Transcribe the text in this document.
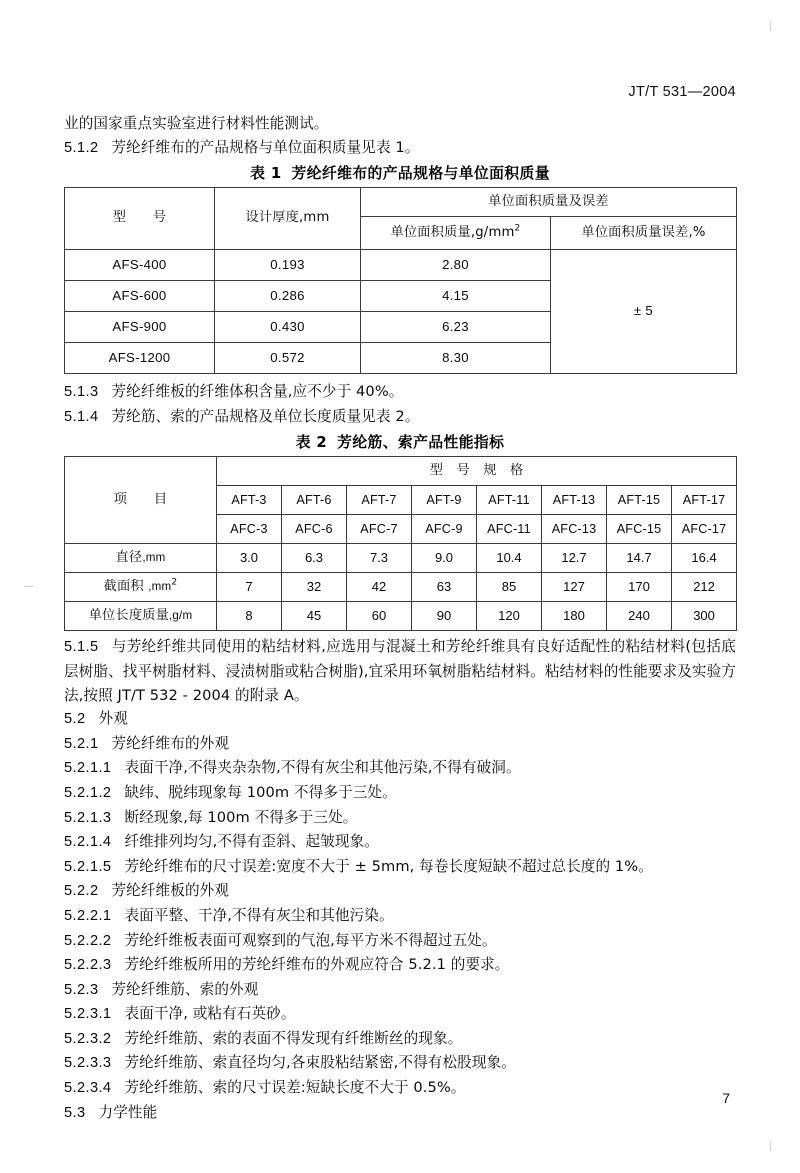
JT/T 531—2004

业的国家重点实验室进行材料性能测试。

5.1.2 芳纶纤维布的产品规格与单位面积质量见表 1。

表 1 芳纶纤维布的产品规格与单位面积质量
型　　号	设计厚度,mm	单位面积质量及误差	
		单位面积质量$,g/mm^2$	单位面积质量误差,%
AFS-400	0.193	2.80	± 5
AFS-600	0.286	4.15	
AFS-900	0.430	6.23	
AFS-1200	0.572	8.30	

5.1.3 芳纶纤维板的纤维体积含量,应不少于 40%。

5.1.4 芳纶筋、索的产品规格及单位长度质量见表 2。

表 2 芳纶筋、索产品性能指标
项　　目	型　号　规　格							
	AFT-3	AFT-6	AFT-7	AFT-9	AFT-11	AFT-13	AFT-15	AFT-17
	AFC-3	AFC-6	AFC-7	AFC-9	AFC-11	AFC-13	AFC-15	AFC-17
直径,mm	3.0	6.3	7.3	9.0	10.4	12.7	14.7	16.4
截面积 $,mm^2$	7	32	42	63	85	127	170	212
单位长度质量,g/m	8	45	60	90	120	180	240	300

5.1.5 与芳纶纤维共同使用的粘结材料,应选用与混凝土和芳纶纤维具有良好适配性的粘结材料(包括底层树脂、找平树脂材料、浸渍树脂或粘合树脂),宜采用环氧树脂粘结材料。粘结材料的性能要求及实验方法,按照 JT/T 532 - 2004 的附录 A。

5.2 外观

5.2.1 芳纶纤维布的外观

5.2.1.1 表面干净,不得夹杂杂物,不得有灰尘和其他污染,不得有破洞。

5.2.1.2 缺纬、脱纬现象每 100m 不得多于三处。

5.2.1.3 断经现象,每 100m 不得多于三处。

5.2.1.4 纤维排列均匀,不得有歪斜、起皱现象。

5.2.1.5 芳纶纤维布的尺寸误差:宽度不大于 ± 5mm, 每卷长度短缺不超过总长度的 1%。

5.2.2 芳纶纤维板的外观

5.2.2.1 表面平整、干净,不得有灰尘和其他污染。

5.2.2.2 芳纶纤维板表面可观察到的气泡,每平方米不得超过五处。

5.2.2.3 芳纶纤维板所用的芳纶纤维布的外观应符合 5.2.1 的要求。

5.2.3 芳纶纤维筋、索的外观

5.2.3.1 表面干净, 或粘有石英砂。

5.2.3.2 芳纶纤维筋、索的表面不得发现有纤维断丝的现象。

5.2.3.3 芳纶纤维筋、索直径均匀,各束股粘结紧密,不得有松股现象。

5.2.3.4 芳纶纤维筋、索的尺寸误差:短缺长度不大于 0.5%。

5.3 力学性能

7
